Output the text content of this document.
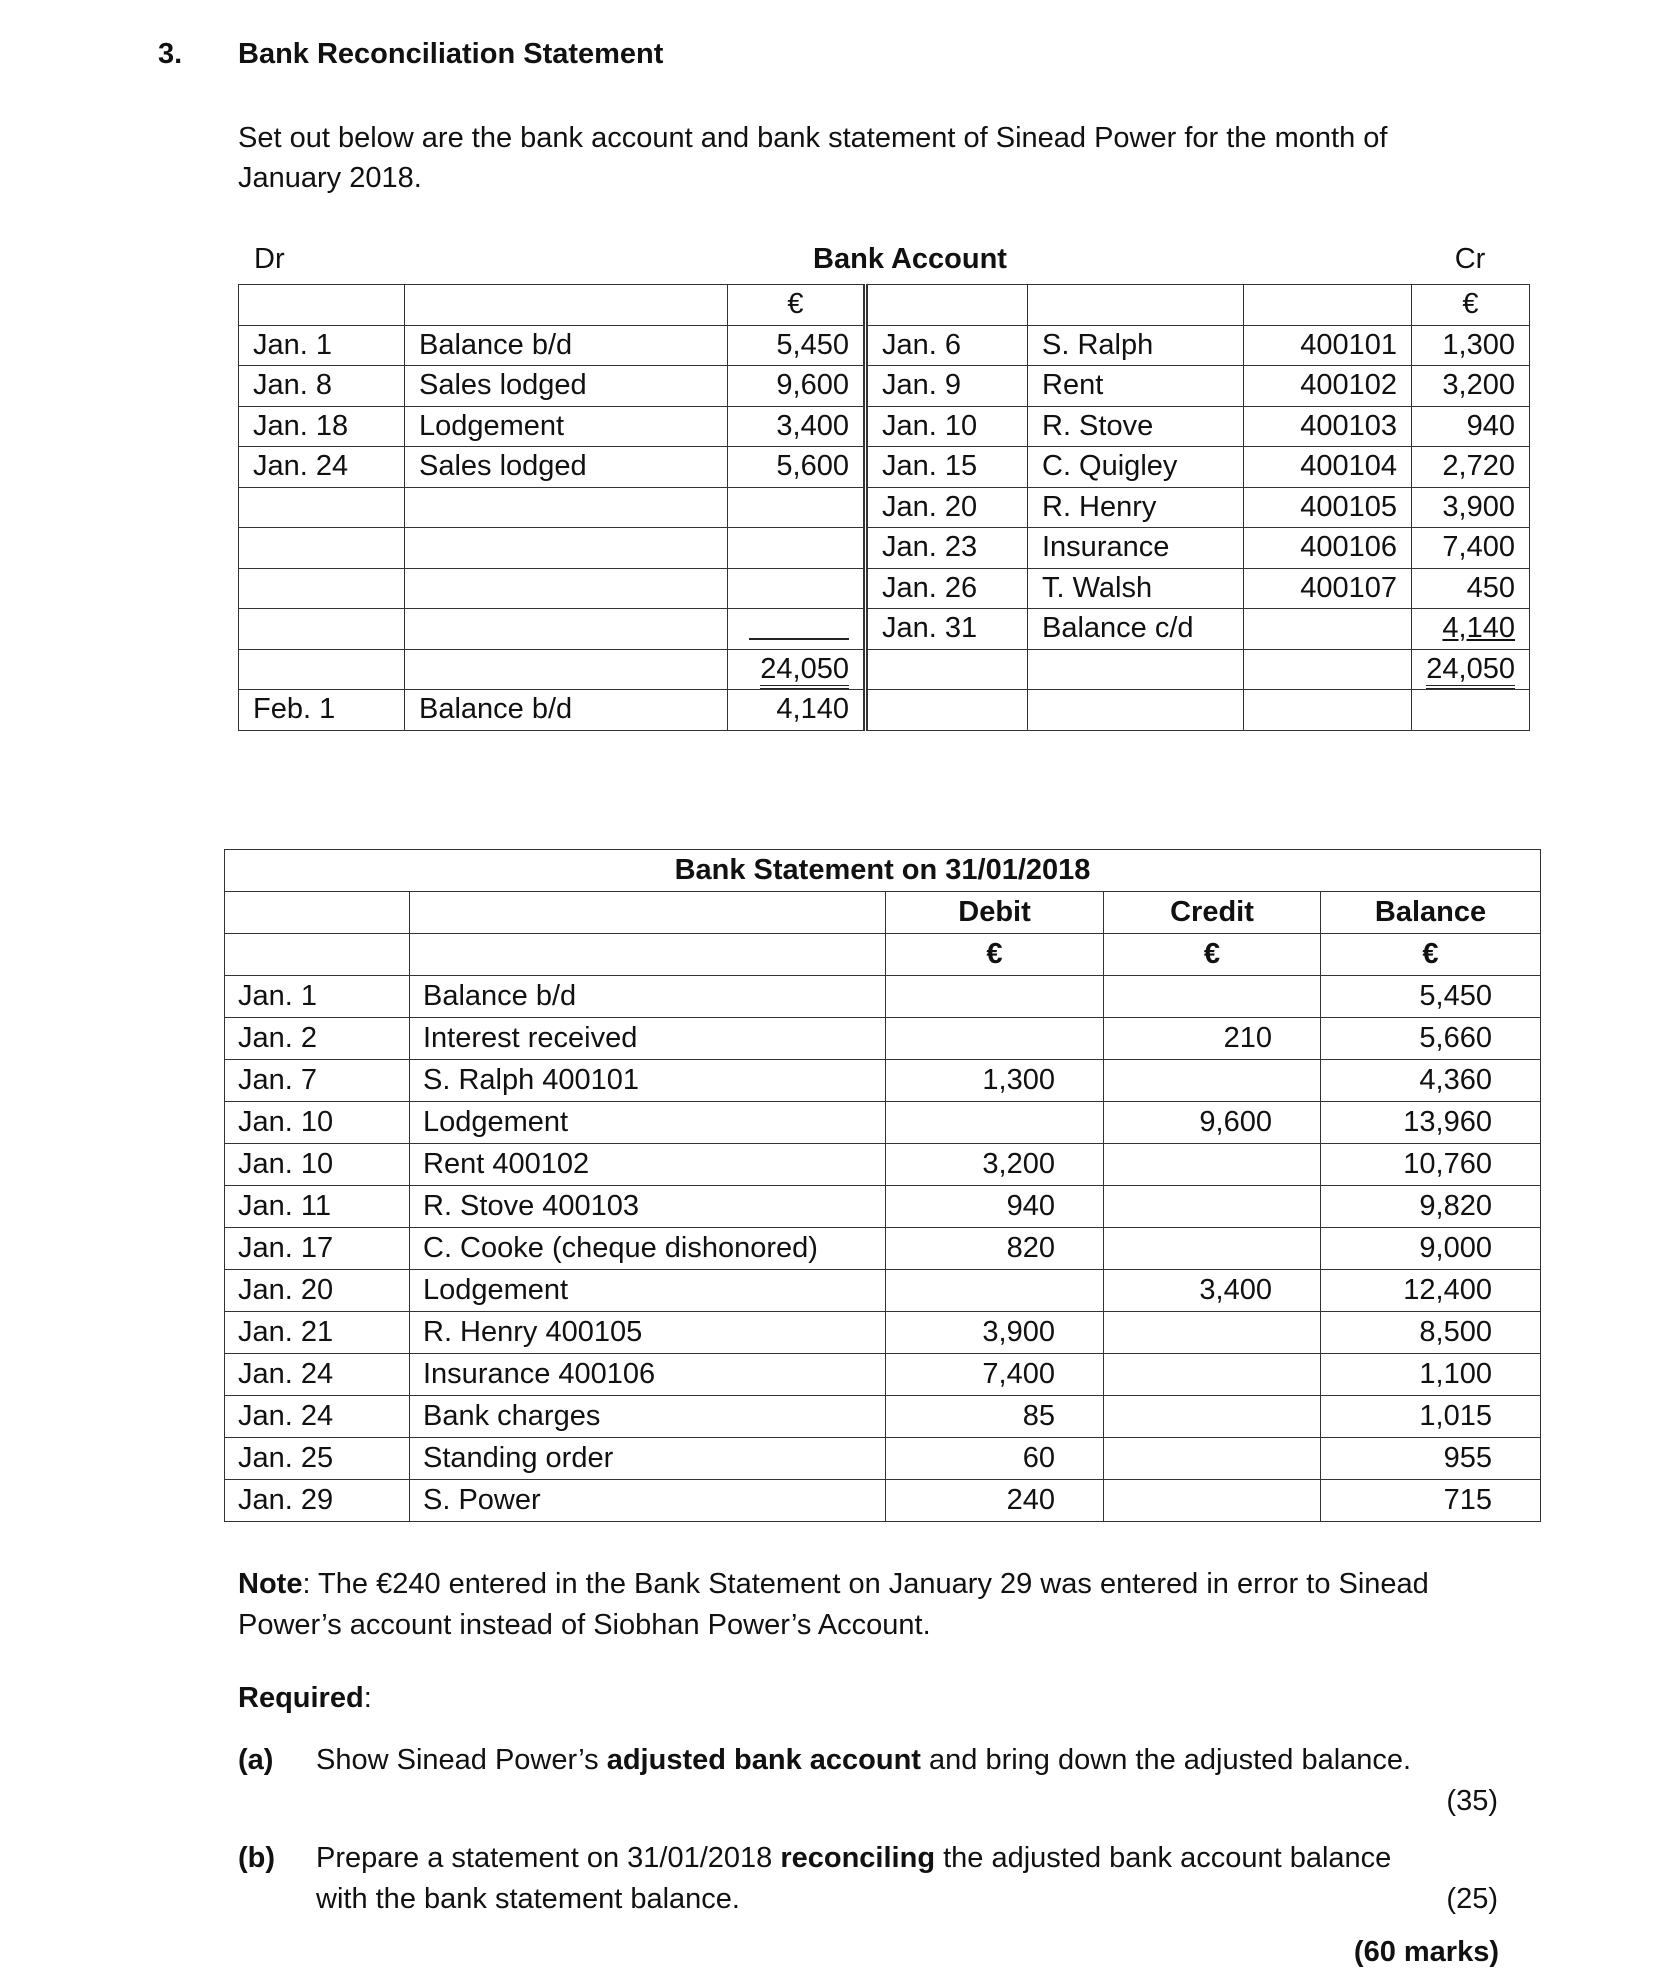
3. Bank Reconciliation Statement
Set out below are the bank account and bank statement of Sinead Power for the month of January 2018.
Dr	Bank Account	Cr
		€				€
Jan. 1	Balance b/d	5,450	Jan. 6	S. Ralph	400101	1,300
Jan. 8	Sales lodged	9,600	Jan. 9	Rent	400102	3,200
Jan. 18	Lodgement	3,400	Jan. 10	R. Stove	400103	940
Jan. 24	Sales lodged	5,600	Jan. 15	C. Quigley	400104	2,720
			Jan. 20	R. Henry	400105	3,900
			Jan. 23	Insurance	400106	7,400
			Jan. 26	T. Walsh	400107	450
			Jan. 31	Balance c/d		4,140
		24,050				24,050
Feb. 1	Balance b/d	4,140				
Bank Statement on 31/01/2018				
		Debit	Credit	Balance
		€	€	€
Jan. 1	Balance b/d			5,450
Jan. 2	Interest received		210	5,660
Jan. 7	S. Ralph 400101	1,300		4,360
Jan. 10	Lodgement		9,600	13,960
Jan. 10	Rent 400102	3,200		10,760
Jan. 11	R. Stove 400103	940		9,820
Jan. 17	C. Cooke (cheque dishonored)	820		9,000
Jan. 20	Lodgement		3,400	12,400
Jan. 21	R. Henry 400105	3,900		8,500
Jan. 24	Insurance 400106	7,400		1,100
Jan. 24	Bank charges	85		1,015
Jan. 25	Standing order	60		955
Jan. 29	S. Power	240		715
Note: The €240 entered in the Bank Statement on January 29 was entered in error to Sinead Power’s account instead of Siobhan Power’s Account.
Required:
(a) Show Sinead Power’s adjusted bank account and bring down the adjusted balance.
(35)
(b) Prepare a statement on 31/01/2018 reconciling the adjusted bank account balance with the bank statement balance.	(25)
(60 marks)
